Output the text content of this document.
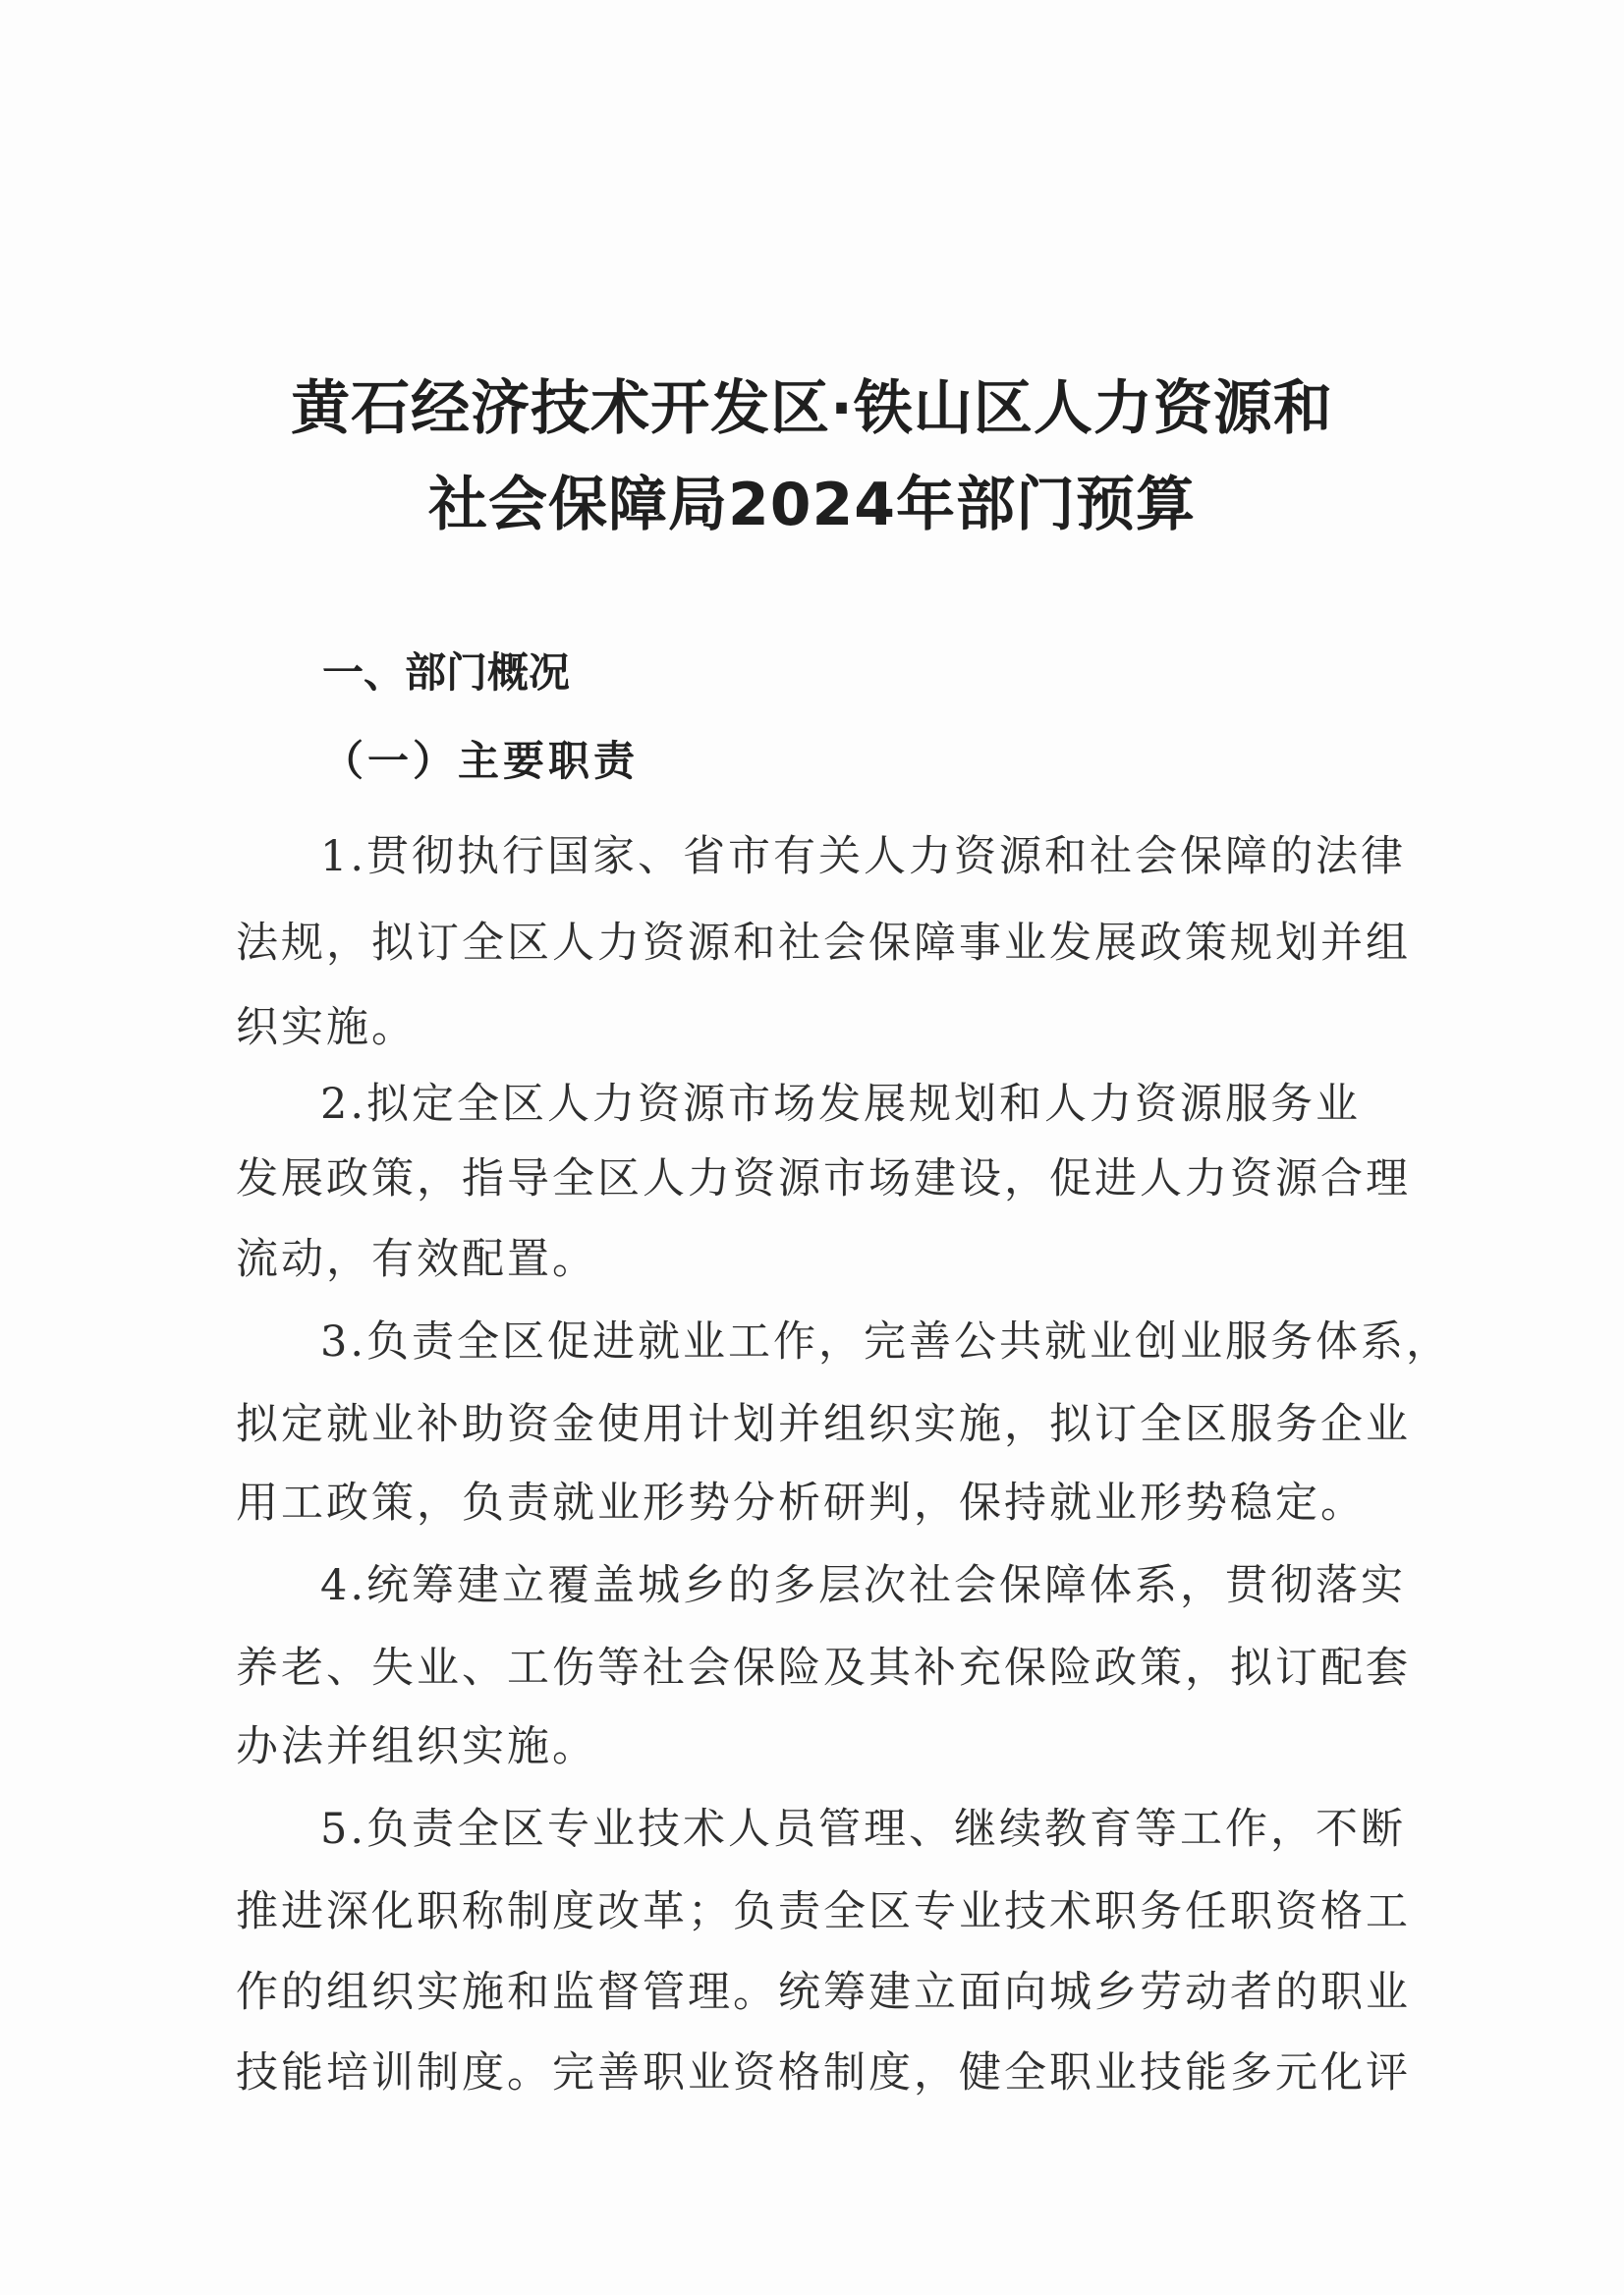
黄石经济技术开发区·铁山区人力资源和
社会保障局2024年部门预算
一、部门概况
（一）主要职责
1.贯彻执行国家、省市有关人力资源和社会保障的法律
法规，拟订全区人力资源和社会保障事业发展政策规划并组
织实施。
2.拟定全区人力资源市场发展规划和人力资源服务业
发展政策，指导全区人力资源市场建设，促进人力资源合理
流动，有效配置。
3.负责全区促进就业工作，完善公共就业创业服务体系，
拟定就业补助资金使用计划并组织实施，拟订全区服务企业
用工政策，负责就业形势分析研判，保持就业形势稳定。
4.统筹建立覆盖城乡的多层次社会保障体系，贯彻落实
养老、失业、工伤等社会保险及其补充保险政策，拟订配套
办法并组织实施。
5.负责全区专业技术人员管理、继续教育等工作，不断
推进深化职称制度改革；负责全区专业技术职务任职资格工
作的组织实施和监督管理。统筹建立面向城乡劳动者的职业
技能培训制度。完善职业资格制度，健全职业技能多元化评
